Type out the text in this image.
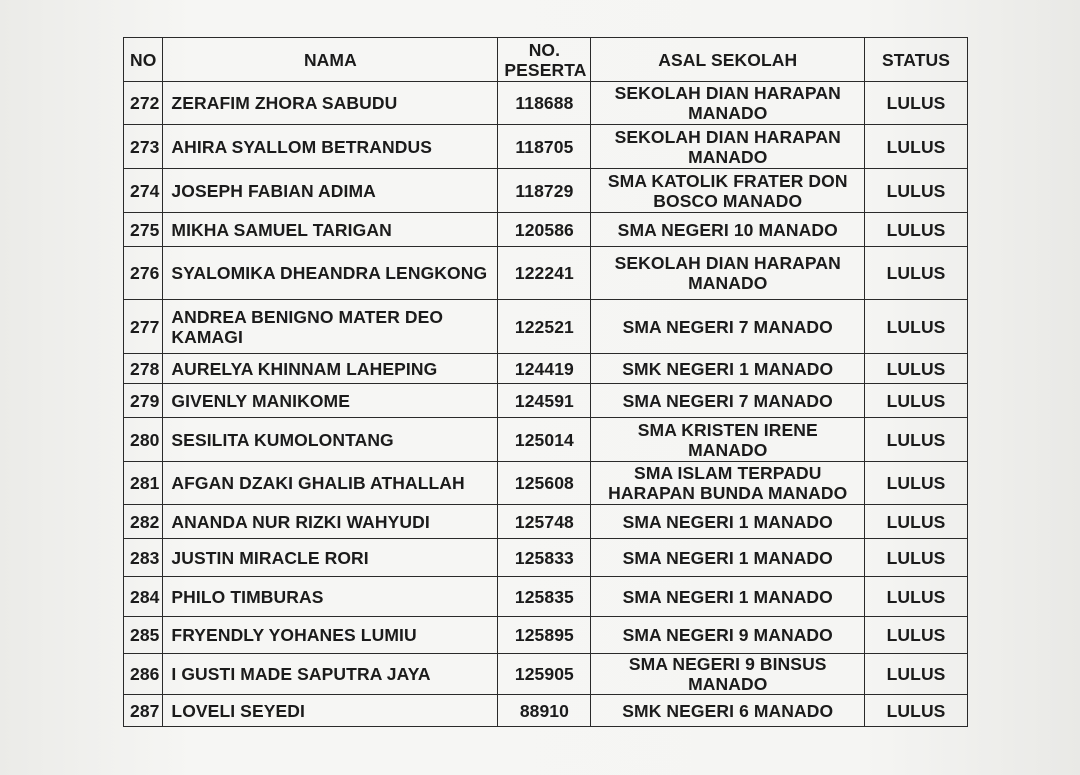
NO	NAMA	NO. PESERTA	ASAL SEKOLAH	STATUS
272	ZERAFIM ZHORA SABUDU	118688	SEKOLAH DIAN HARAPAN MANADO	LULUS
273	AHIRA SYALLOM BETRANDUS	118705	SEKOLAH DIAN HARAPAN MANADO	LULUS
274	JOSEPH FABIAN ADIMA	118729	SMA KATOLIK FRATER DON BOSCO MANADO	LULUS
275	MIKHA SAMUEL TARIGAN	120586	SMA NEGERI 10 MANADO	LULUS
276	SYALOMIKA DHEANDRA LENGKONG	122241	SEKOLAH DIAN HARAPAN MANADO	LULUS
277	ANDREA BENIGNO MATER DEO KAMAGI	122521	SMA NEGERI 7 MANADO	LULUS
278	AURELYA KHINNAM LAHEPING	124419	SMK NEGERI 1 MANADO	LULUS
279	GIVENLY MANIKOME	124591	SMA NEGERI 7 MANADO	LULUS
280	SESILITA KUMOLONTANG	125014	SMA KRISTEN IRENE MANADO	LULUS
281	AFGAN DZAKI GHALIB ATHALLAH	125608	SMA ISLAM TERPADU HARAPAN BUNDA MANADO	LULUS
282	ANANDA NUR RIZKI WAHYUDI	125748	SMA NEGERI 1 MANADO	LULUS
283	JUSTIN MIRACLE RORI	125833	SMA NEGERI 1 MANADO	LULUS
284	PHILO TIMBURAS	125835	SMA NEGERI 1 MANADO	LULUS
285	FRYENDLY YOHANES LUMIU	125895	SMA NEGERI 9 MANADO	LULUS
286	I GUSTI MADE SAPUTRA JAYA	125905	SMA NEGERI 9 BINSUS MANADO	LULUS
287	LOVELI SEYEDI	88910	SMK NEGERI 6 MANADO	LULUS
